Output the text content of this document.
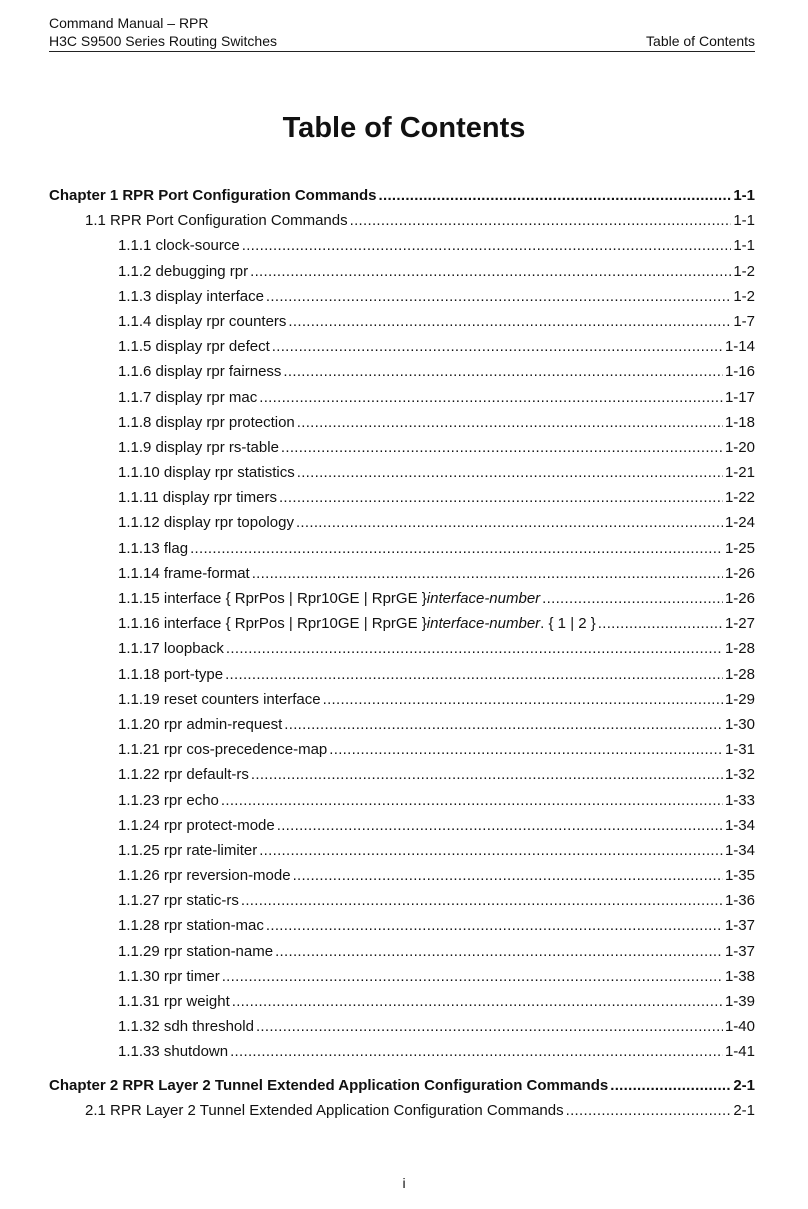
Command Manual – RPR
H3C S9500 Series Routing Switches	Table of Contents
Table of Contents
Chapter 1 RPR Port Configuration Commands .....	1-1
1.1 RPR Port Configuration Commands .....	1-1
1.1.1 clock-source .....	1-1
1.1.2 debugging rpr .....	1-2
1.1.3 display interface .....	1-2
1.1.4 display rpr counters .....	1-7
1.1.5 display rpr defect .....	1-14
1.1.6 display rpr fairness .....	1-16
1.1.7 display rpr mac .....	1-17
1.1.8 display rpr protection .....	1-18
1.1.9 display rpr rs-table .....	1-20
1.1.10 display rpr statistics .....	1-21
1.1.11 display rpr timers .....	1-22
1.1.12 display rpr topology .....	1-24
1.1.13 flag .....	1-25
1.1.14 frame-format .....	1-26
1.1.15 interface { RprPos | Rpr10GE | RprGE } interface-number .....	1-26
1.1.16 interface { RprPos | Rpr10GE | RprGE } interface-number . { 1 | 2 } .....	1-27
1.1.17 loopback .....	1-28
1.1.18 port-type .....	1-28
1.1.19 reset counters interface .....	1-29
1.1.20 rpr admin-request .....	1-30
1.1.21 rpr cos-precedence-map .....	1-31
1.1.22 rpr default-rs .....	1-32
1.1.23 rpr echo .....	1-33
1.1.24 rpr protect-mode .....	1-34
1.1.25 rpr rate-limiter .....	1-34
1.1.26 rpr reversion-mode .....	1-35
1.1.27 rpr static-rs .....	1-36
1.1.28 rpr station-mac .....	1-37
1.1.29 rpr station-name .....	1-37
1.1.30 rpr timer .....	1-38
1.1.31 rpr weight .....	1-39
1.1.32 sdh threshold .....	1-40
1.1.33 shutdown .....	1-41
Chapter 2 RPR Layer 2 Tunnel Extended Application Configuration Commands .....	2-1
2.1 RPR Layer 2 Tunnel Extended Application Configuration Commands .....	2-1
i
